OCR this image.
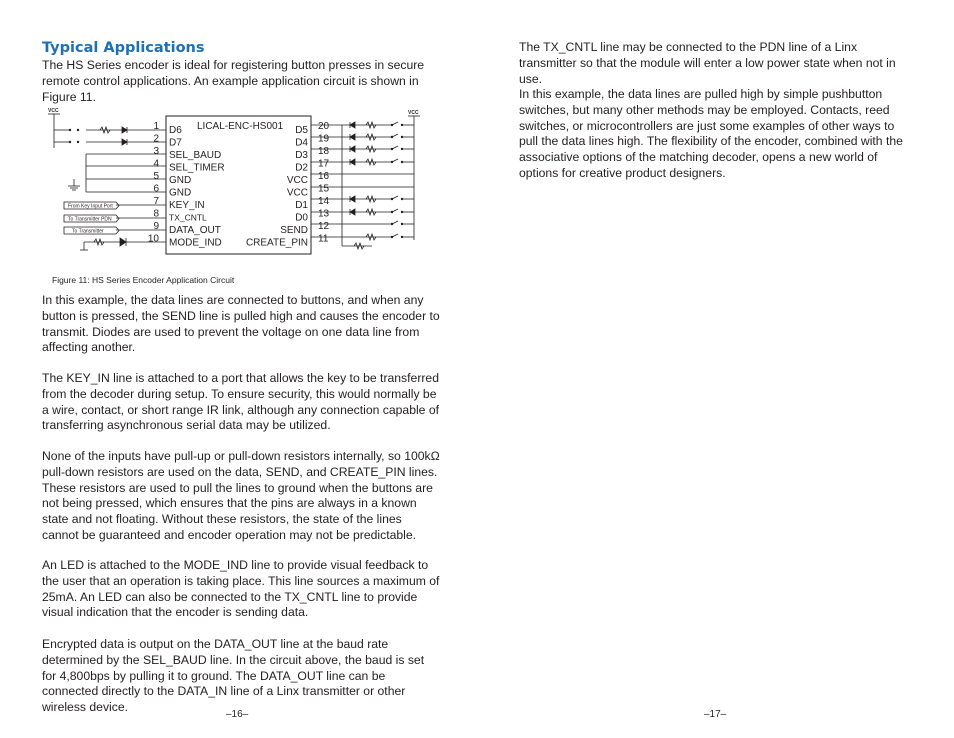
Typical Applications

The HS Series encoder is ideal for registering button presses in secure remote control applications. An example application circuit is shown in Figure 11.

VCC	VCC
LICAL-ENC-HS001
From Key Input Port
To Transmitter PDN
To Transmitter
1
2
3
4
5
6
7
8
9
10
D6
D7
SEL_BAUD
SEL_TIMER
GND
GND
KEY_IN
TX_CNTL
DATA_OUT
MODE_IND
20
19
18
17
16
15
14
13
12
11
D5
D4
D3
D2
VCC
VCC
D1
D0
SEND
CREATE_PIN

Figure 11: HS Series Encoder Application Circuit

In this example, the data lines are connected to buttons, and when any button is pressed, the SEND line is pulled high and causes the encoder to transmit. Diodes are used to prevent the voltage on one data line from affecting another.

The KEY_IN line is attached to a port that allows the key to be transferred from the decoder during setup. To ensure security, this would normally be a wire, contact, or short range IR link, although any connection capable of transferring asynchronous serial data may be utilized.

None of the inputs have pull-up or pull-down resistors internally, so 100kΩ pull-down resistors are used on the data, SEND, and CREATE_PIN lines. These resistors are used to pull the lines to ground when the buttons are not being pressed, which ensures that the pins are always in a known state and not floating. Without these resistors, the state of the lines cannot be guaranteed and encoder operation may not be predictable.

An LED is attached to the MODE_IND line to provide visual feedback to the user that an operation is taking place. This line sources a maximum of 25mA. An LED can also be connected to the TX_CNTL line to provide visual indication that the encoder is sending data.

Encrypted data is output on the DATA_OUT line at the baud rate determined by the SEL_BAUD line. In the circuit above, the baud is set for 4,800bps by pulling it to ground. The DATA_OUT line can be connected directly to the DATA_IN line of a Linx transmitter or other wireless device.

–16–

The TX_CNTL line may be connected to the PDN line of a Linx transmitter so that the module will enter a low power state when not in use.

In this example, the data lines are pulled high by simple pushbutton switches, but many other methods may be employed. Contacts, reed switches, or microcontrollers are just some examples of other ways to pull the data lines high. The flexibility of the encoder, combined with the associative options of the matching decoder, opens a new world of options for creative product designers.

–17–
